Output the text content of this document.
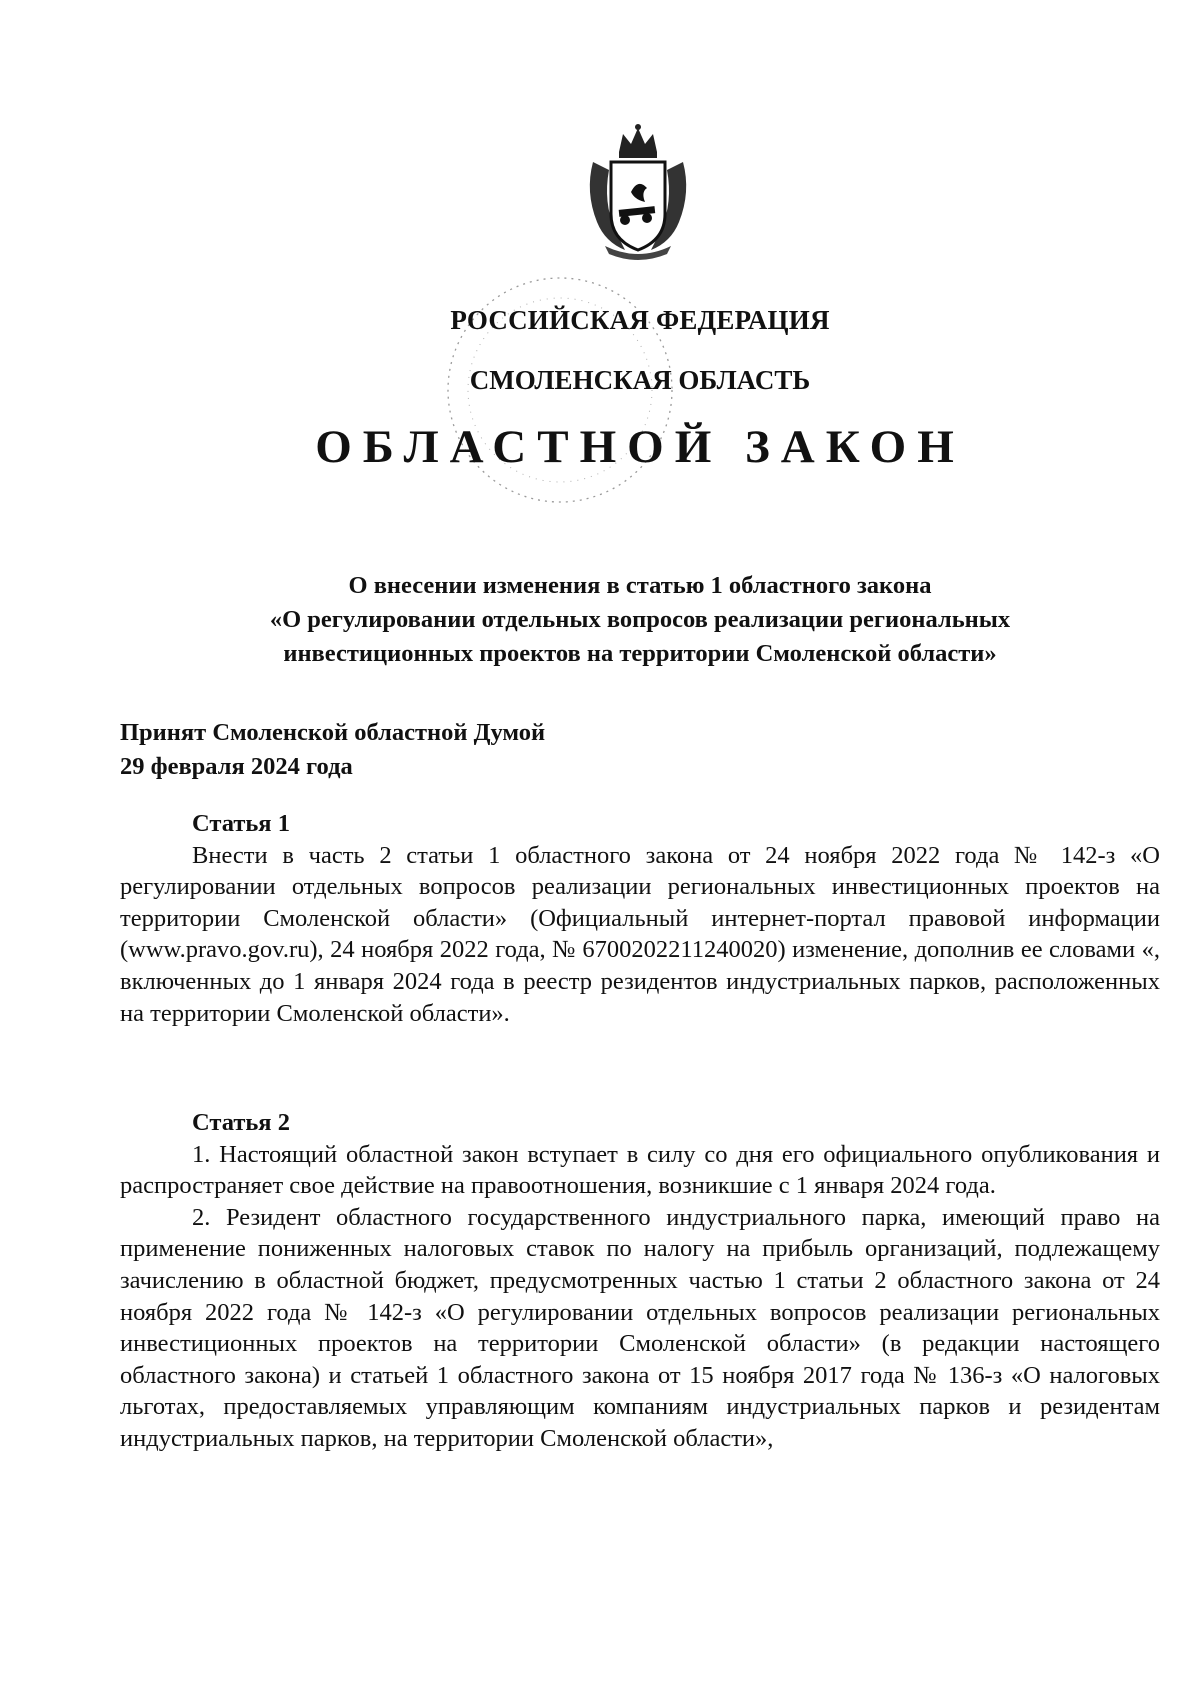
РОССИЙСКАЯ ФЕДЕРАЦИЯ
СМОЛЕНСКАЯ ОБЛАСТЬ
ОБЛАСТНОЙ ЗАКОН
О внесении изменения в статью 1 областного закона
«О регулировании отдельных вопросов реализации региональных
инвестиционных проектов на территории Смоленской области»
Принят Смоленской областной Думой
29 февраля 2024 года
Статья 1

Внести в часть 2 статьи 1 областного закона от 24 ноября 2022 года № 142-з «О регулировании отдельных вопросов реализации региональных инвестиционных проектов на территории Смоленской области» (Официальный интернет-портал правовой информации (www.pravo.gov.ru), 24 ноября 2022 года, № 6700202211240020) изменение, дополнив ее словами «, включенных до 1 января 2024 года в реестр резидентов индустриальных парков, расположенных на территории Смоленской области».

Статья 2

1. Настоящий областной закон вступает в силу со дня его официального опубликования и распространяет свое действие на правоотношения, возникшие с 1 января 2024 года.

2. Резидент областного государственного индустриального парка, имеющий право на применение пониженных налоговых ставок по налогу на прибыль организаций, подлежащему зачислению в областной бюджет, предусмотренных частью 1 статьи 2 областного закона от 24 ноября 2022 года № 142-з «О регулировании отдельных вопросов реализации региональных инвестиционных проектов на территории Смоленской области» (в редакции настоящего областного закона) и статьей 1 областного закона от 15 ноября 2017 года № 136-з «О налоговых льготах, предоставляемых управляющим компаниям индустриальных парков и резидентам индустриальных парков, на территории Смоленской области»,
